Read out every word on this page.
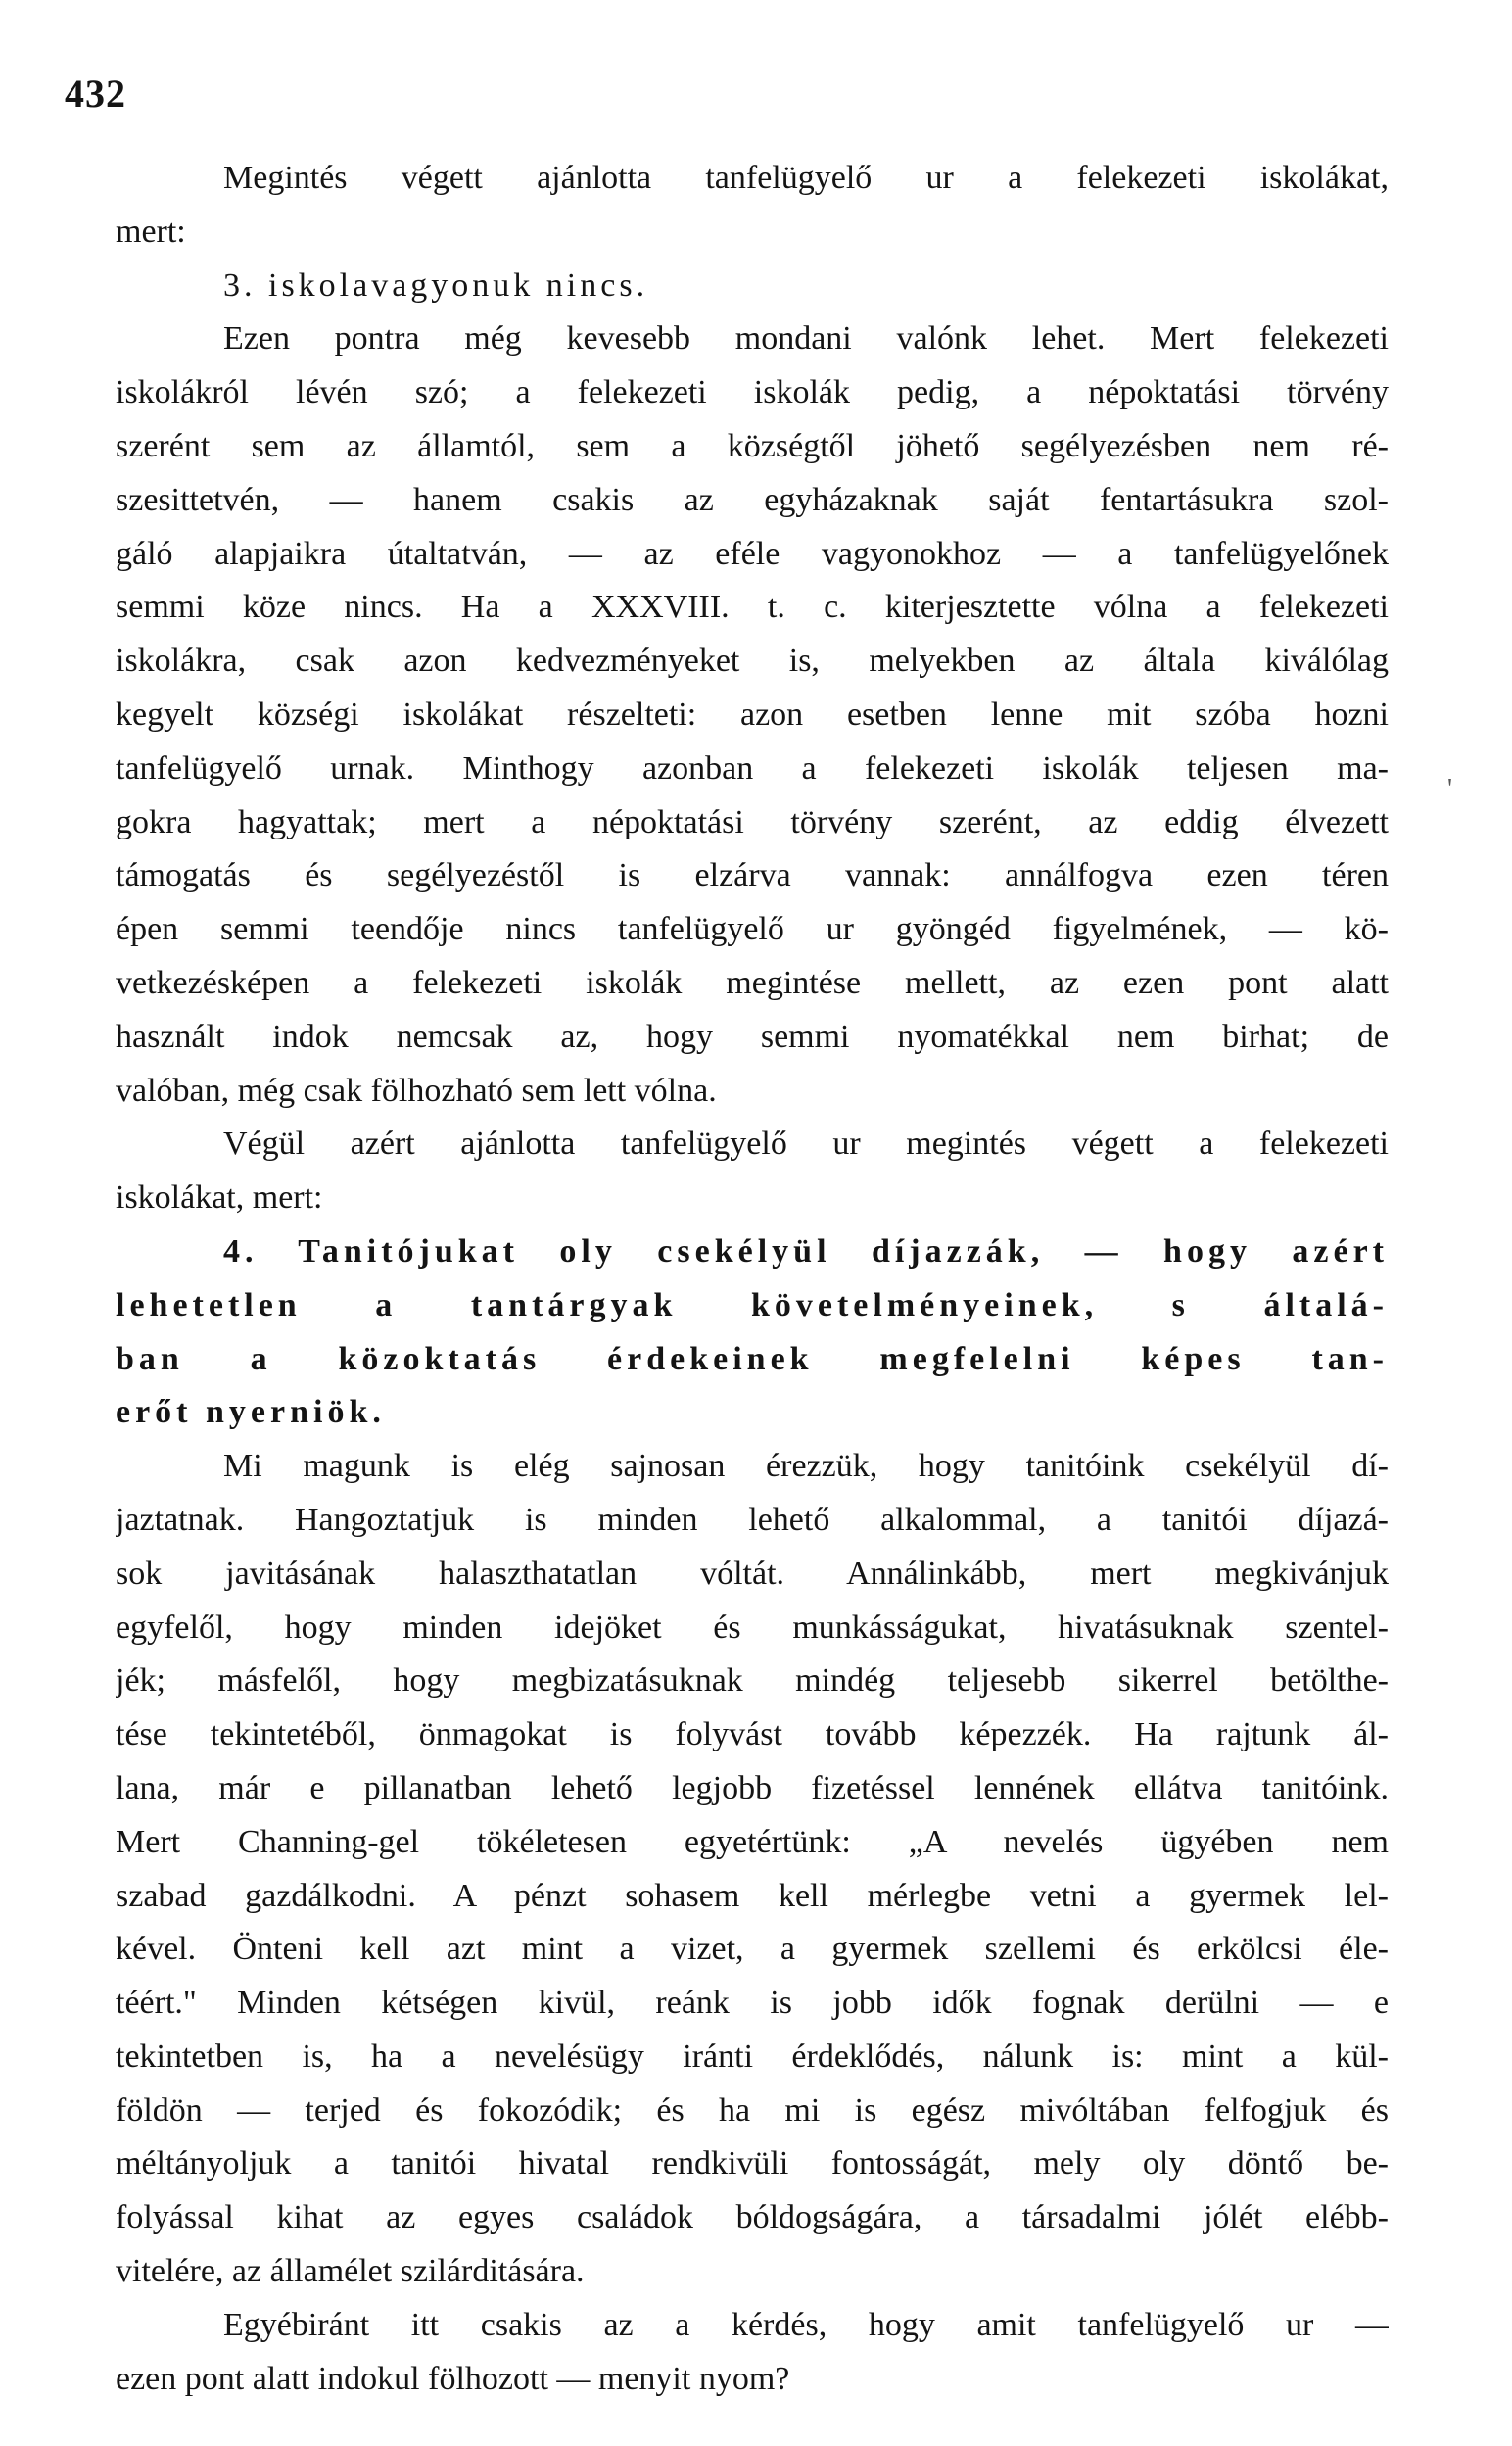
432
'
Megintés végett ajánlotta tanfelügyelő ur a felekezeti iskolákat,
mert:
3. iskolavagyonuk nincs.
Ezen pontra még kevesebb mondani valónk lehet. Mert felekezeti
iskolákról lévén szó; a felekezeti iskolák pedig, a népoktatási törvény
szerént sem az államtól, sem a községtől jöhető segélyezésben nem ré-
szesittetvén, — hanem csakis az egyházaknak saját fentartásukra szol-
gáló alapjaikra útaltatván, — az eféle vagyonokhoz — a tanfelügyelőnek
semmi köze nincs. Ha a XXXVIII. t. c. kiterjesztette vólna a felekezeti
iskolákra, csak azon kedvezményeket is, melyekben az általa kiválólag
kegyelt községi iskolákat részelteti: azon esetben lenne mit szóba hozni
tanfelügyelő urnak. Minthogy azonban a felekezeti iskolák teljesen ma-
gokra hagyattak; mert a népoktatási törvény szerént, az eddig élvezett
támogatás és segélyezéstől is elzárva vannak: annálfogva ezen téren
épen semmi teendője nincs tanfelügyelő ur gyöngéd figyelmének, — kö-
vetkezésképen a felekezeti iskolák megintése mellett, az ezen pont alatt
használt indok nemcsak az, hogy semmi nyomatékkal nem birhat; de
valóban, még csak fölhozható sem lett vólna.
Végül azért ajánlotta tanfelügyelő ur megintés végett a felekezeti
iskolákat, mert:
4. Tanitójukat oly csekélyül díjazzák, — hogy azért
lehetetlen a tantárgyak követelményeinek, s általá-
ban a közoktatás érdekeinek megfelelni képes tan-
erőt nyerniök.
Mi magunk is elég sajnosan érezzük, hogy tanitóink csekélyül dí-
jaztatnak. Hangoztatjuk is minden lehető alkalommal, a tanitói díjazá-
sok javitásának halaszthatatlan vóltát. Annálinkább, mert megkivánjuk
egyfelől, hogy minden idejöket és munkásságukat, hivatásuknak szentel-
jék; másfelől, hogy megbizatásuknak mindég teljesebb sikerrel betölthe-
tése tekintetéből, önmagokat is folyvást tovább képezzék. Ha rajtunk ál-
lana, már e pillanatban lehető legjobb fizetéssel lennének ellátva tanitóink.
Mert Channing-gel tökéletesen egyetértünk: „A nevelés ügyében nem
szabad gazdálkodni. A pénzt sohasem kell mérlegbe vetni a gyermek lel-
kével. Önteni kell azt mint a vizet, a gyermek szellemi és erkölcsi éle-
téért." Minden kétségen kivül, reánk is jobb idők fognak derülni — e
tekintetben is, ha a nevelésügy iránti érdeklődés, nálunk is: mint a kül-
földön — terjed és fokozódik; és ha mi is egész mivóltában felfogjuk és
méltányoljuk a tanitói hivatal rendkivüli fontosságát, mely oly döntő be-
folyással kihat az egyes családok bóldogságára, a társadalmi jólét elébb-
vitelére, az államélet szilárditására.
Egyébiránt itt csakis az a kérdés, hogy amit tanfelügyelő ur —
ezen pont alatt indokul fölhozott — menyit nyom?
